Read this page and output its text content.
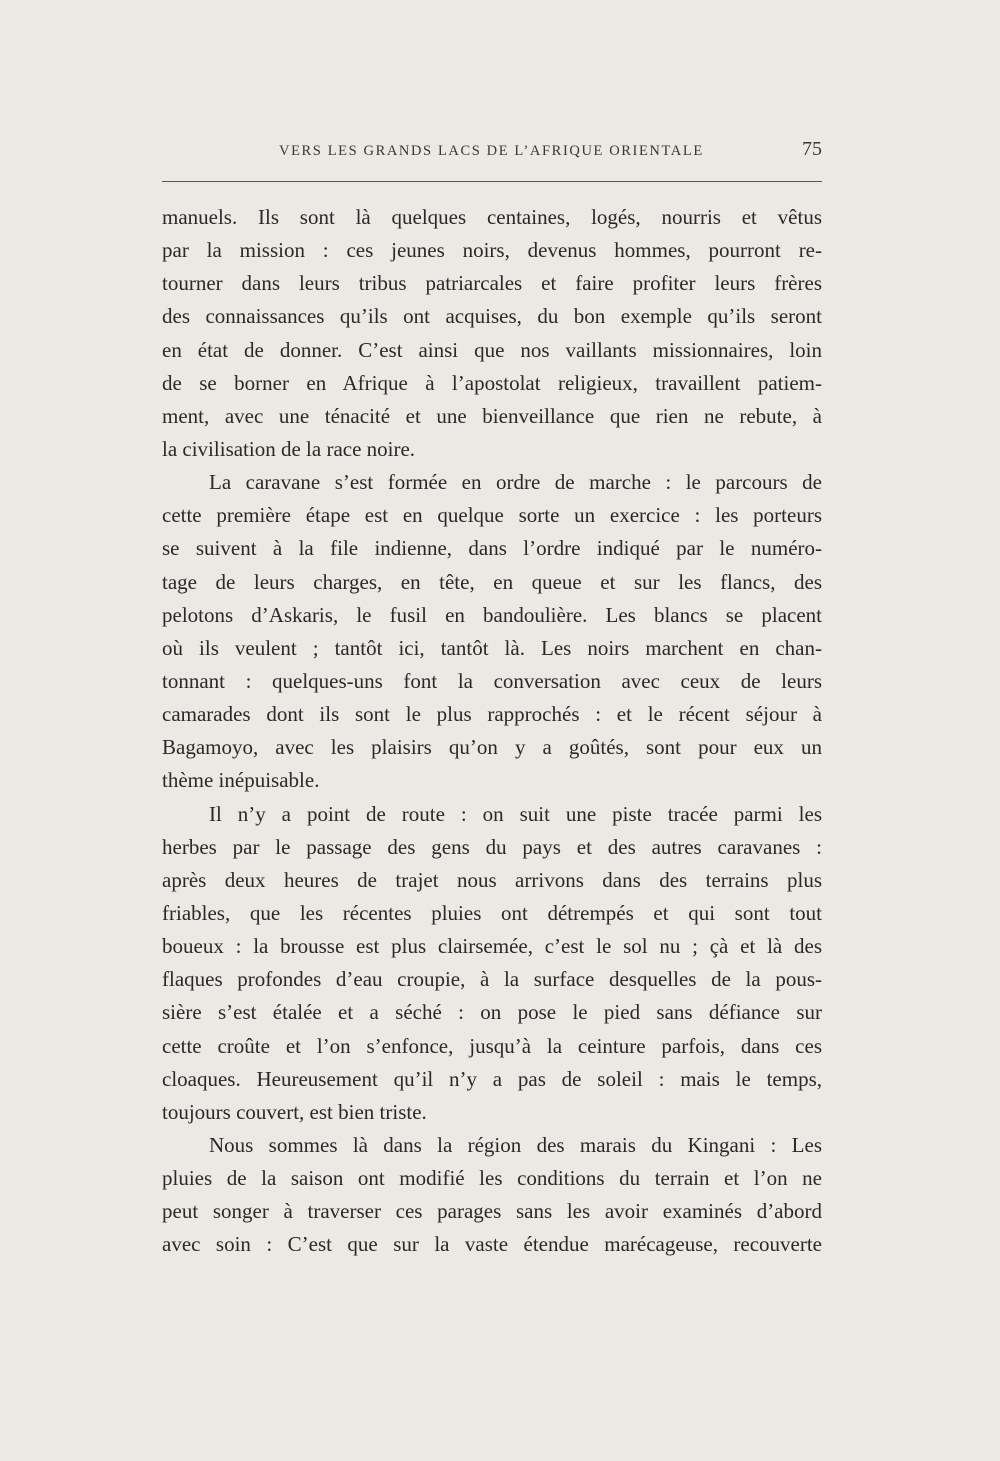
VERS LES GRANDS LACS DE L’AFRIQUE ORIENTALE	75
manuels. Ils sont là quelques centaines, logés, nourris et vêtus
par la mission : ces jeunes noirs, devenus hommes, pourront re-
tourner dans leurs tribus patriarcales et faire profiter leurs frères
des connaissances qu’ils ont acquises, du bon exemple qu’ils seront
en état de donner. C’est ainsi que nos vaillants missionnaires, loin
de se borner en Afrique à l’apostolat religieux, travaillent patiem-
ment, avec une ténacité et une bienveillance que rien ne rebute, à
la civilisation de la race noire.
La caravane s’est formée en ordre de marche : le parcours de
cette première étape est en quelque sorte un exercice : les porteurs
se suivent à la file indienne, dans l’ordre indiqué par le numéro-
tage de leurs charges, en tête, en queue et sur les flancs, des
pelotons d’Askaris, le fusil en bandoulière. Les blancs se placent
où ils veulent ; tantôt ici, tantôt là. Les noirs marchent en chan-
tonnant : quelques-uns font la conversation avec ceux de leurs
camarades dont ils sont le plus rapprochés : et le récent séjour à
Bagamoyo, avec les plaisirs qu’on y a goûtés, sont pour eux un
thème inépuisable.
Il n’y a point de route : on suit une piste tracée parmi les
herbes par le passage des gens du pays et des autres caravanes :
après deux heures de trajet nous arrivons dans des terrains plus
friables, que les récentes pluies ont détrempés et qui sont tout
boueux : la brousse est plus clairsemée, c’est le sol nu ; çà et là des
flaques profondes d’eau croupie, à la surface desquelles de la pous-
sière s’est étalée et a séché : on pose le pied sans défiance sur
cette croûte et l’on s’enfonce, jusqu’à la ceinture parfois, dans ces
cloaques. Heureusement qu’il n’y a pas de soleil : mais le temps,
toujours couvert, est bien triste.
Nous sommes là dans la région des marais du Kingani : Les
pluies de la saison ont modifié les conditions du terrain et l’on ne
peut songer à traverser ces parages sans les avoir examinés d’abord
avec soin : C’est que sur la vaste étendue marécageuse, recouverte
